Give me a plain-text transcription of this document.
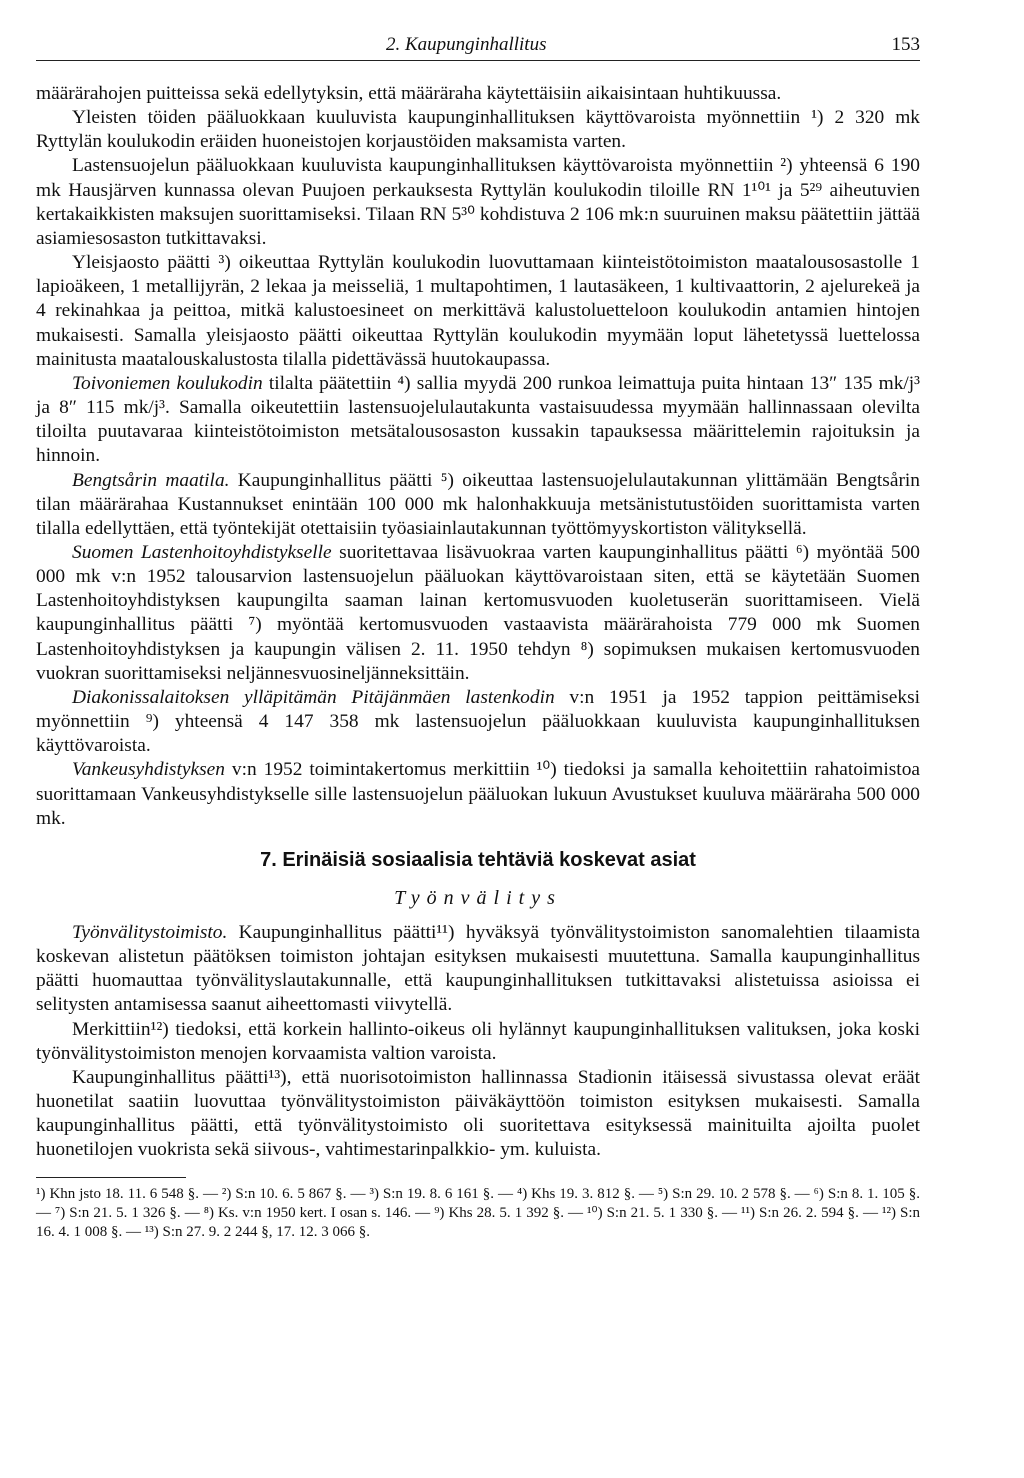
2. Kaupunginhallitus	153

määrärahojen puitteissa sekä edellytyksin, että määräraha käytettäisiin aikaisintaan huhtikuussa.

Yleisten töiden pääluokkaan kuuluvista kaupunginhallituksen käyttövaroista myönnettiin ¹) 2 320 mk Ryttylän koulukodin eräiden huoneistojen korjaustöiden maksamista varten.

Lastensuojelun pääluokkaan kuuluvista kaupunginhallituksen käyttövaroista myönnettiin ²) yhteensä 6 190 mk Hausjärven kunnassa olevan Puujoen perkauksesta Ryttylän koulukodin tiloille RN 1¹⁰¹ ja 5²⁹ aiheutuvien kertakaikkisten maksujen suorittamiseksi. Tilaan RN 5³⁰ kohdistuva 2 106 mk:n suuruinen maksu päätettiin jättää asiamiesosaston tutkittavaksi.

Yleisjaosto päätti ³) oikeuttaa Ryttylän koulukodin luovuttamaan kiinteistötoimiston maatalousosastolle 1 lapioäkeen, 1 metallijyrän, 2 lekaa ja meisseliä, 1 multapohtimen, 1 lautasäkeen, 1 kultivaattorin, 2 ajelurekeä ja 4 rekinahkaa ja peittoa, mitkä kalustoesineet on merkittävä kalustoluetteloon koulukodin antamien hintojen mukaisesti. Samalla yleisjaosto päätti oikeuttaa Ryttylän koulukodin myymään loput lähetetyssä luettelossa mainitusta maatalouskalustosta tilalla pidettävässä huutokaupassa.

Toivoniemen koulukodin tilalta päätettiin ⁴) sallia myydä 200 runkoa leimattuja puita hintaan 13″ 135 mk/j³ ja 8″ 115 mk/j³. Samalla oikeutettiin lastensuojelulautakunta vastaisuudessa myymään hallinnassaan olevilta tiloilta puutavaraa kiinteistötoimiston metsätalousosaston kussakin tapauksessa määrittelemin rajoituksin ja hinnoin.

Bengtsårin maatila. Kaupunginhallitus päätti ⁵) oikeuttaa lastensuojelulautakunnan ylittämään Bengtsårin tilan määrärahaa Kustannukset enintään 100 000 mk halonhakkuuja metsänistutustöiden suorittamista varten tilalla edellyttäen, että työntekijät otettaisiin työasiainlautakunnan työttömyyskortiston välityksellä.

Suomen Lastenhoitoyhdistykselle suoritettavaa lisävuokraa varten kaupunginhallitus päätti ⁶) myöntää 500 000 mk v:n 1952 talousarvion lastensuojelun pääluokan käyttövaroistaan siten, että se käytetään Suomen Lastenhoitoyhdistyksen kaupungilta saaman lainan kertomusvuoden kuoletuserän suorittamiseen. Vielä kaupunginhallitus päätti ⁷) myöntää kertomusvuoden vastaavista määrärahoista 779 000 mk Suomen Lastenhoitoyhdistyksen ja kaupungin välisen 2. 11. 1950 tehdyn ⁸) sopimuksen mukaisen kertomusvuoden vuokran suorittamiseksi neljännesvuosineljänneksittäin.

Diakonissalaitoksen ylläpitämän Pitäjänmäen lastenkodin v:n 1951 ja 1952 tappion peittämiseksi myönnettiin ⁹) yhteensä 4 147 358 mk lastensuojelun pääluokkaan kuuluvista kaupunginhallituksen käyttövaroista.

Vankeusyhdistyksen v:n 1952 toimintakertomus merkittiin ¹⁰) tiedoksi ja samalla kehoitettiin rahatoimistoa suorittamaan Vankeusyhdistykselle sille lastensuojelun pääluokan lukuun Avustukset kuuluva määräraha 500 000 mk.

7. Erinäisiä sosiaalisia tehtäviä koskevat asiat
Työnvälitys

Työnvälitystoimisto. Kaupunginhallitus päätti¹¹) hyväksyä työnvälitystoimiston sanomalehtien tilaamista koskevan alistetun päätöksen toimiston johtajan esityksen mukaisesti muutettuna. Samalla kaupunginhallitus päätti huomauttaa työnvälityslautakunnalle, että kaupunginhallituksen tutkittavaksi alistetuissa asioissa ei selitysten antamisessa saanut aiheettomasti viivytellä.

Merkittiin¹²) tiedoksi, että korkein hallinto-oikeus oli hylännyt kaupunginhallituksen valituksen, joka koski työnvälitystoimiston menojen korvaamista valtion varoista.

Kaupunginhallitus päätti¹³), että nuorisotoimiston hallinnassa Stadionin itäisessä sivustassa olevat eräät huonetilat saatiin luovuttaa työnvälitystoimiston päiväkäyttöön toimiston esityksen mukaisesti. Samalla kaupunginhallitus päätti, että työnvälitystoimisto oli suoritettava esityksessä mainituilta ajoilta puolet huonetilojen vuokrista sekä siivous-, vahtimestarinpalkkio- ym. kuluista.

¹) Khn jsto 18. 11. 6 548 §. — ²) S:n 10. 6. 5 867 §. — ³) S:n 19. 8. 6 161 §. — ⁴) Khs 19. 3. 812 §. — ⁵) S:n 29. 10. 2 578 §. — ⁶) S:n 8. 1. 105 §. — ⁷) S:n 21. 5. 1 326 §. — ⁸) Ks. v:n 1950 kert. I osan s. 146. — ⁹) Khs 28. 5. 1 392 §. — ¹⁰) S:n 21. 5. 1 330 §. — ¹¹) S:n 26. 2. 594 §. — ¹²) S:n 16. 4. 1 008 §. — ¹³) S:n 27. 9. 2 244 §, 17. 12. 3 066 §.
